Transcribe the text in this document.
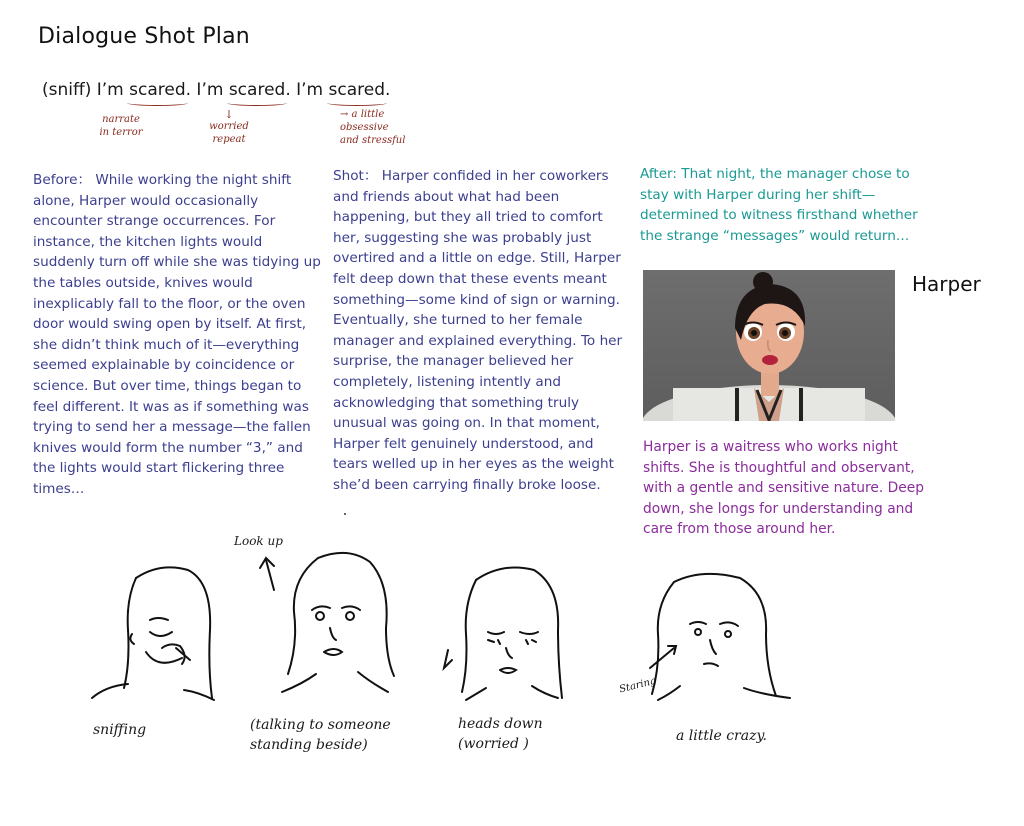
Dialogue Shot Plan
(sniff) I’m scared. I’m scared. I’m scared.
narrate
in terror
↓
worried
repeat
→ a little
obsessive
and stressful
Before： While working the night shift alone, Harper would occasionally encounter strange occurrences. For instance, the kitchen lights would suddenly turn off while she was tidying up the tables outside, knives would inexplicably fall to the floor, or the oven door would swing open by itself. At first, she didn’t think much of it—everything seemed explainable by coincidence or science. But over time, things began to feel different. It was as if something was trying to send her a message—the fallen knives would form the number “3,” and the lights would start flickering three times…
Shot： Harper confided in her coworkers and friends about what had been happening, but they all tried to comfort her, suggesting she was probably just overtired and a little on edge. Still, Harper felt deep down that these events meant something—some kind of sign or warning. Eventually, she turned to her female manager and explained everything. To her surprise, the manager believed her completely, listening intently and acknowledging that something truly unusual was going on. In that moment, Harper felt genuinely understood, and tears welled up in her eyes as the weight she’d been carrying finally broke loose.
After: That night, the manager chose to stay with Harper during her shift—determined to witness firsthand whether the strange “messages” would return…
Harper
Harper is a waitress who works night shifts. She is thoughtful and observant, with a gentle and sensitive nature. Deep down, she longs for understanding and care from those around her.
Look up
Staring
sniffing	(talking to someone
standing beside)
heads down
(worried )	a little crazy.
